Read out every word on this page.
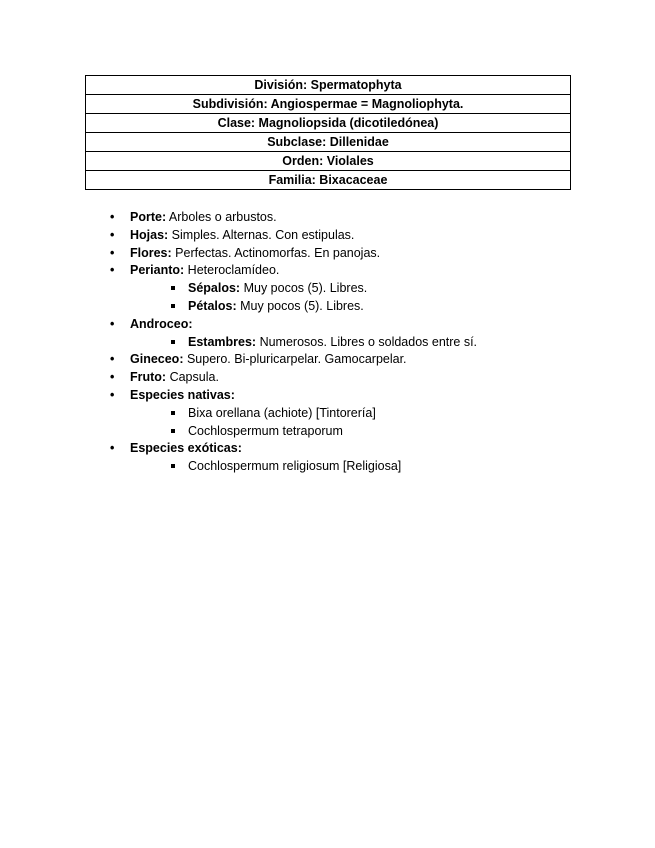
División: Spermatophyta
Subdivisión: Angiospermae = Magnoliophyta.
Clase: Magnoliopsida (dicotiledónea)
Subclase: Dillenidae
Orden: Violales
Familia: Bixacaceae
•	Porte: Arboles o arbustos.
•	Hojas: Simples. Alternas. Con estipulas.
•	Flores: Perfectas. Actinomorfas. En panojas.
•	Perianto: Heteroclamídeo.
Sépalos: Muy pocos (5). Libres.
Pétalos: Muy pocos (5). Libres.
•	Androceo:
Estambres: Numerosos. Libres o soldados entre sí.
•	Gineceo: Supero. Bi-pluricarpelar. Gamocarpelar.
•	Fruto: Capsula.
•	Especies nativas:
Bixa orellana (achiote) [Tintorería]
Cochlospermum tetraporum
•	Especies exóticas:
Cochlospermum religiosum [Religiosa]
